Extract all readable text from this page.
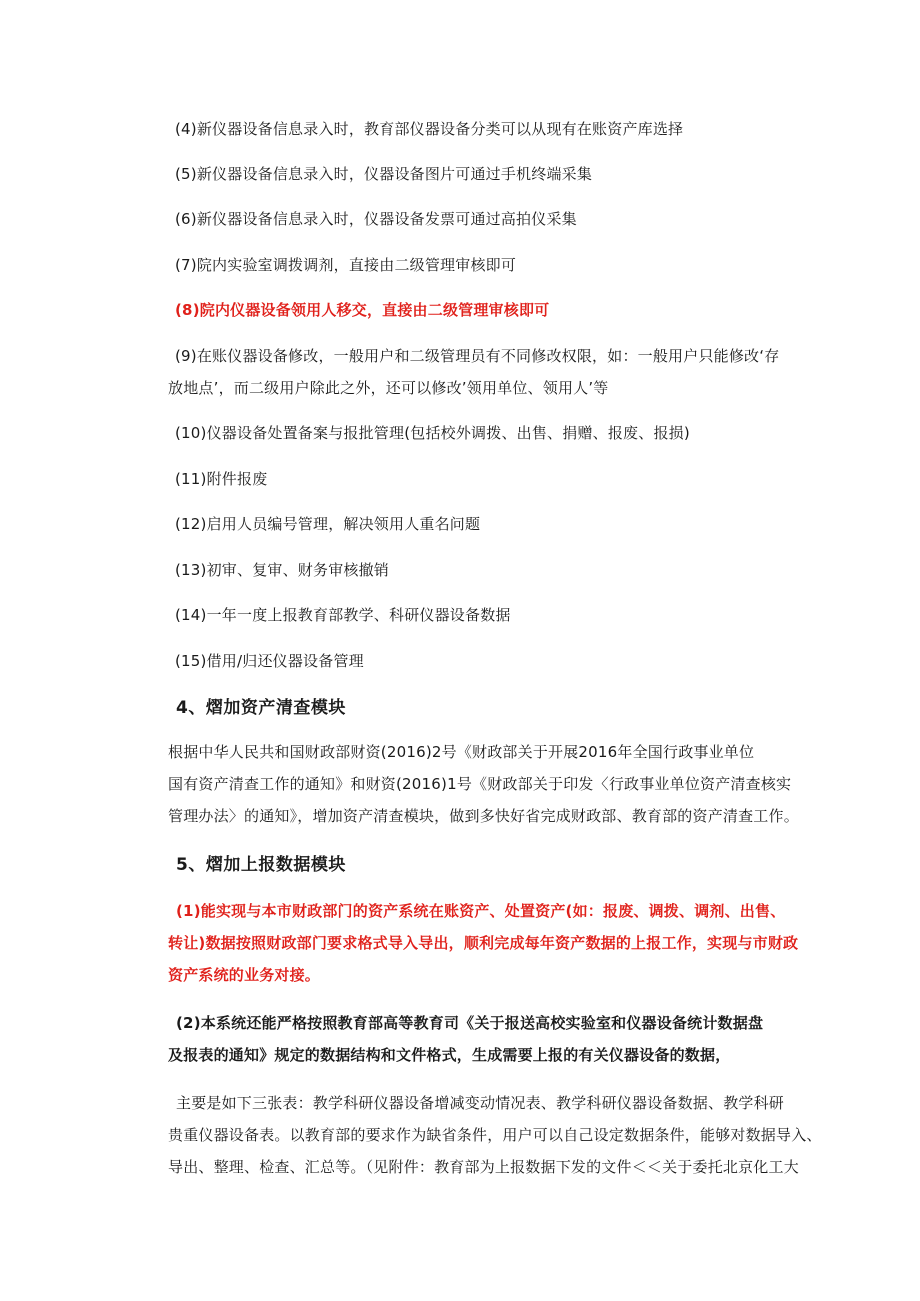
(4)新仪器设备信息录入时，教育部仪器设备分类可以从现有在账资产库选择
(5)新仪器设备信息录入时，仪器设备图片可通过手机终端采集
(6)新仪器设备信息录入时，仪器设备发票可通过高拍仪采集
(7)院内实验室调拨调剂，直接由二级管理审核即可
(8)院内仪器设备领用人移交，直接由二级管理审核即可
(9)在账仪器设备修改，一般用户和二级管理员有不同修改权限，如：一般用户只能修改‘存
放地点’，而二级用户除此之外，还可以修改’领用单位、领用人’等
(10)仪器设备处置备案与报批管理(包括校外调拨、出售、捐赠、报废、报损)
(11)附件报废
(12)启用人员编号管理，解决领用人重名问题
(13)初审、复审、财务审核撤销
(14)一年一度上报教育部教学、科研仪器设备数据
(15)借用/归还仪器设备管理
4、熠加资产清查模块
根据中华人民共和国财政部财资(2016)2号《财政部关于开展2016年全国行政事业单位
国有资产清查工作的通知》和财资(2016)1号《财政部关于印发〈行政事业单位资产清查核实
管理办法〉的通知》，增加资产清查模块，做到多快好省完成财政部、教育部的资产清查工作。
5、熠加上报数据模块
(1)能实现与本市财政部门的资产系统在账资产、处置资产(如：报废、调拨、调剂、出售、
转让)数据按照财政部门要求格式导入导出，顺利完成每年资产数据的上报工作，实现与市财政
资产系统的业务对接。
(2)本系统还能严格按照教育部高等教育司《关于报送高校实验室和仪器设备统计数据盘
及报表的通知》规定的数据结构和文件格式，生成需要上报的有关仪器设备的数据，
主要是如下三张表：教学科研仪器设备增减变动情况表、教学科研仪器设备数据、教学科研
贵重仪器设备表。以教育部的要求作为缺省条件，用户可以自己设定数据条件，能够对数据导入、
导出、整理、检查、汇总等。（见附件：教育部为上报数据下发的文件＜＜关于委托北京化工大
